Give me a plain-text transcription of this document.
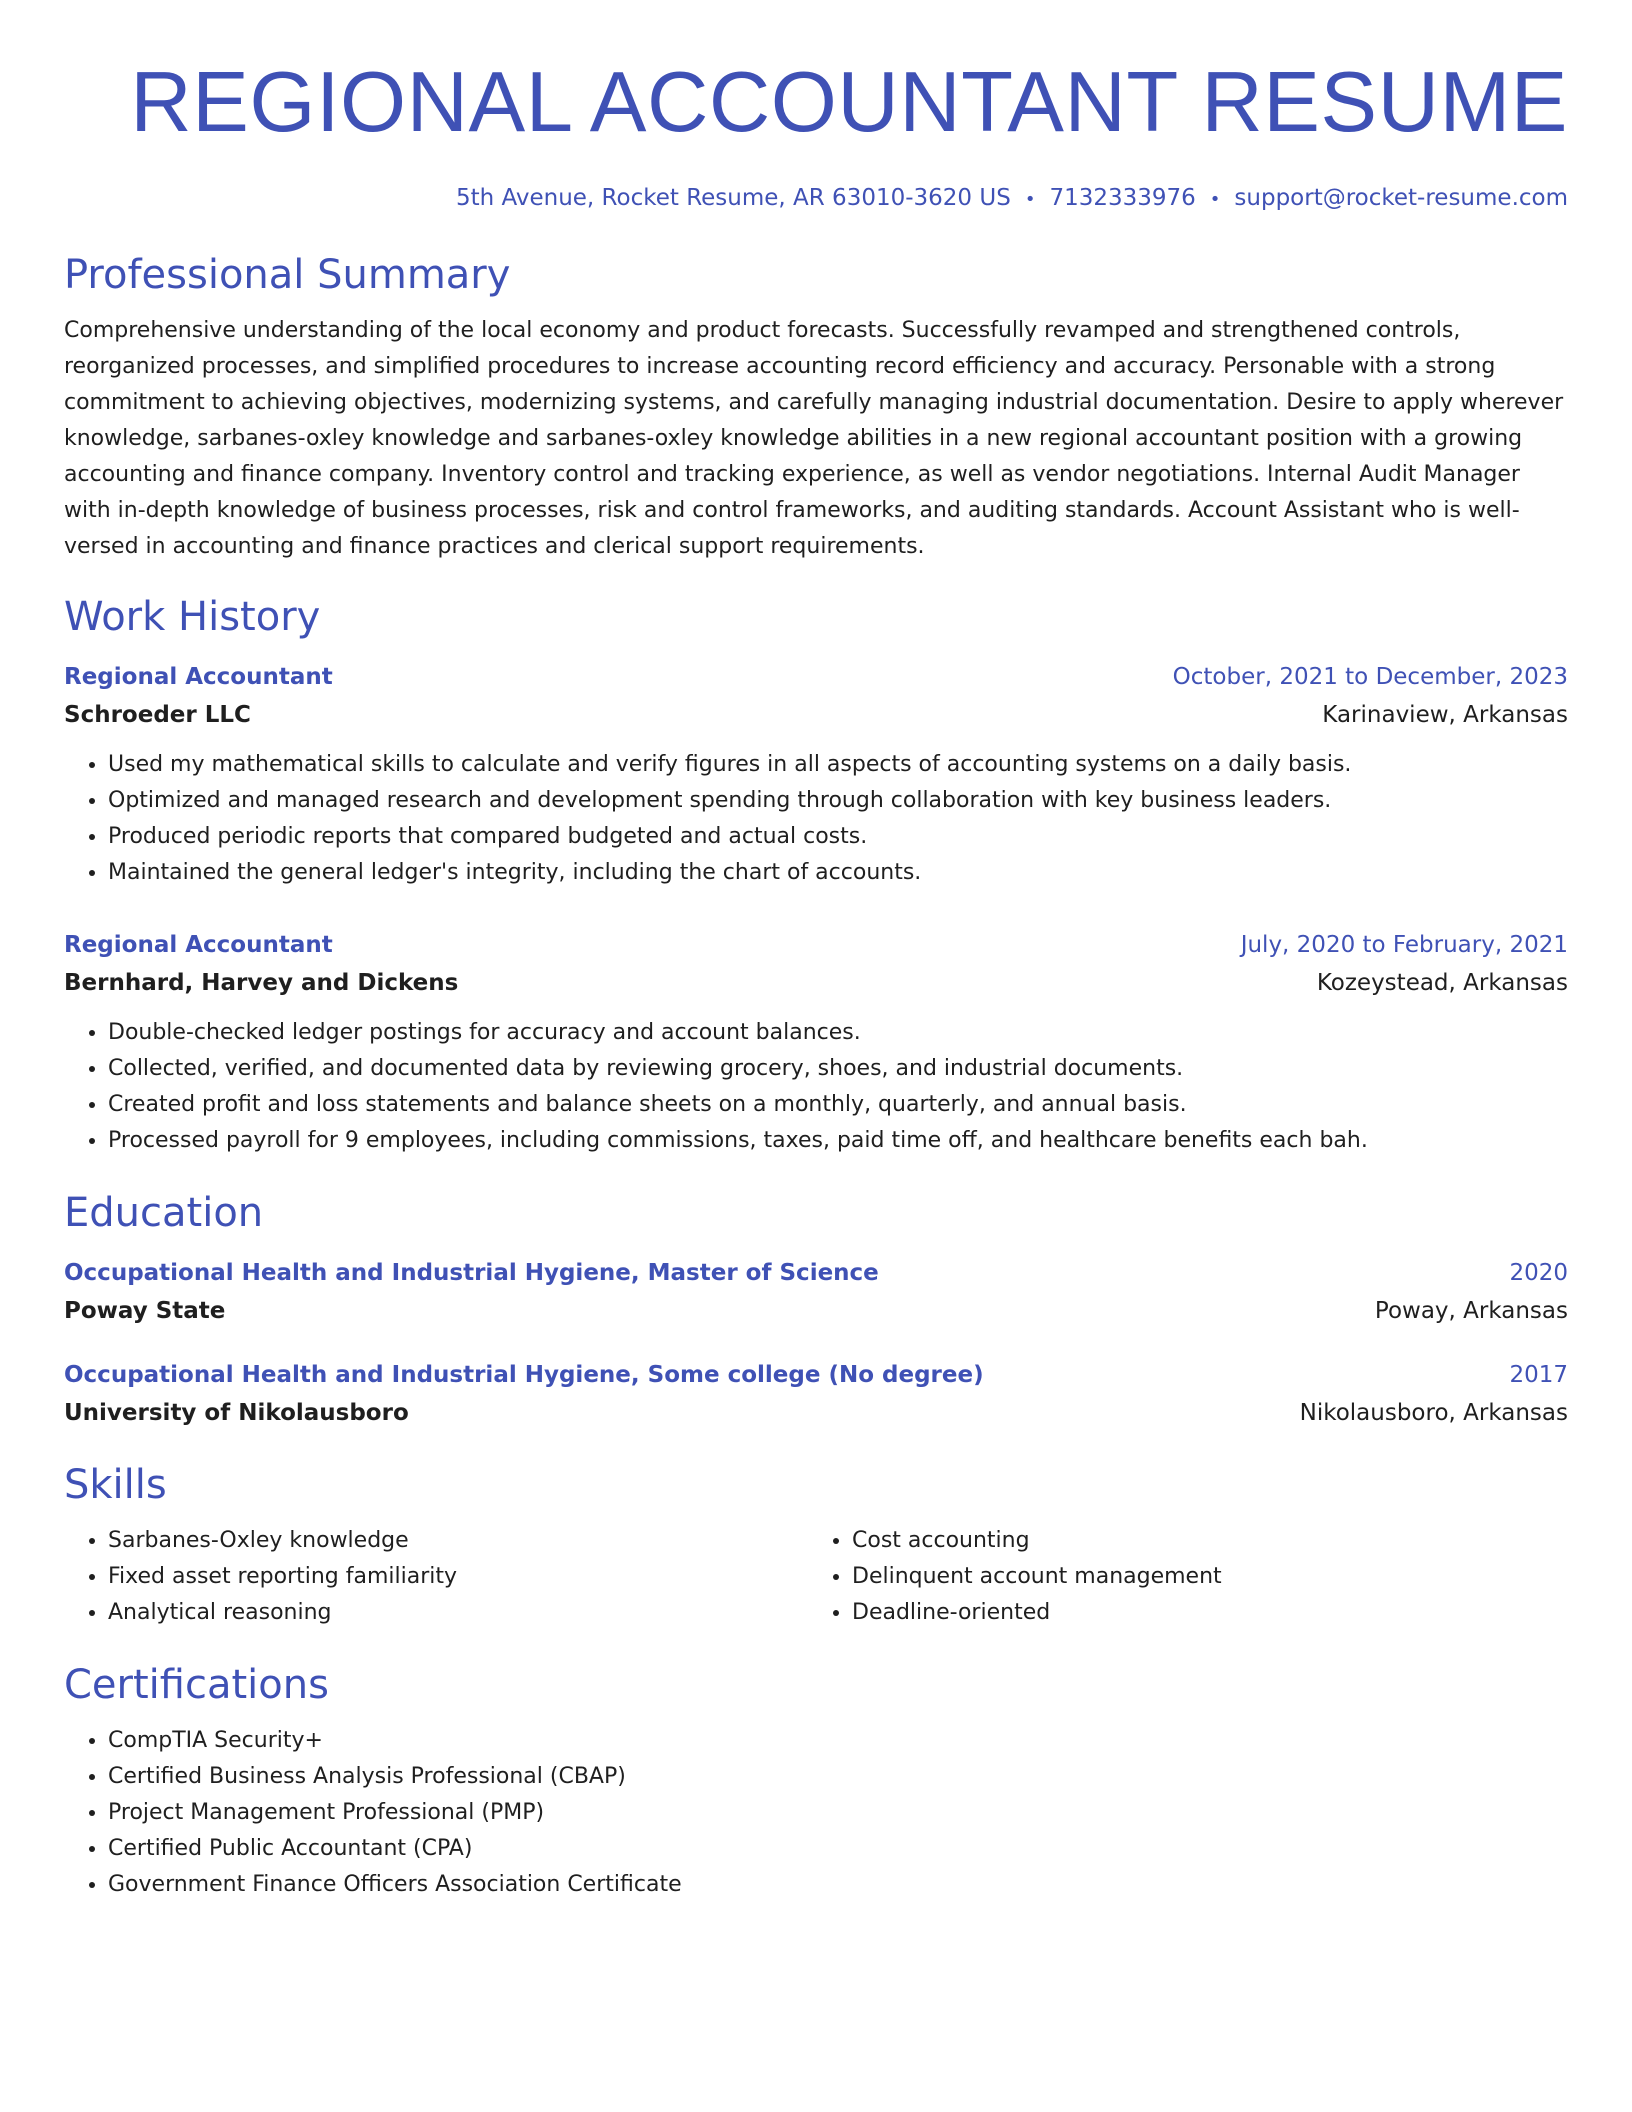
REGIONAL ACCOUNTANT RESUME
5th Avenue, Rocket Resume, AR 63010-3620 US • 7132333976 • support@rocket-resume.com
Professional Summary
Comprehensive understanding of the local economy and product forecasts. Successfully revamped and strengthened controls, reorganized processes, and simplified procedures to increase accounting record efficiency and accuracy. Personable with a strong commitment to achieving objectives, modernizing systems, and carefully managing industrial documentation. Desire to apply wherever knowledge, sarbanes-oxley knowledge and sarbanes-oxley knowledge abilities in a new regional accountant position with a growing accounting and finance company. Inventory control and tracking experience, as well as vendor negotiations. Internal Audit Manager with in-depth knowledge of business processes, risk and control frameworks, and auditing standards. Account Assistant who is well-versed in accounting and finance practices and clerical support requirements.
Work History
Regional Accountant	October, 2021 to December, 2023
Schroeder LLC	Karinaview, Arkansas
• Used my mathematical skills to calculate and verify figures in all aspects of accounting systems on a daily basis.
• Optimized and managed research and development spending through collaboration with key business leaders.
• Produced periodic reports that compared budgeted and actual costs.
• Maintained the general ledger's integrity, including the chart of accounts.
Regional Accountant	July, 2020 to February, 2021
Bernhard, Harvey and Dickens	Kozeystead, Arkansas
• Double-checked ledger postings for accuracy and account balances.
• Collected, verified, and documented data by reviewing grocery, shoes, and industrial documents.
• Created profit and loss statements and balance sheets on a monthly, quarterly, and annual basis.
• Processed payroll for 9 employees, including commissions, taxes, paid time off, and healthcare benefits each bah.
Education
Occupational Health and Industrial Hygiene, Master of Science	2020
Poway State	Poway, Arkansas
Occupational Health and Industrial Hygiene, Some college (No degree)	2017
University of Nikolausboro	Nikolausboro, Arkansas
Skills
• Sarbanes-Oxley knowledge
• Fixed asset reporting familiarity
• Analytical reasoning
• Cost accounting
• Delinquent account management
• Deadline-oriented
Certifications
• CompTIA Security+
• Certified Business Analysis Professional (CBAP)
• Project Management Professional (PMP)
• Certified Public Accountant (CPA)
• Government Finance Officers Association Certificate
